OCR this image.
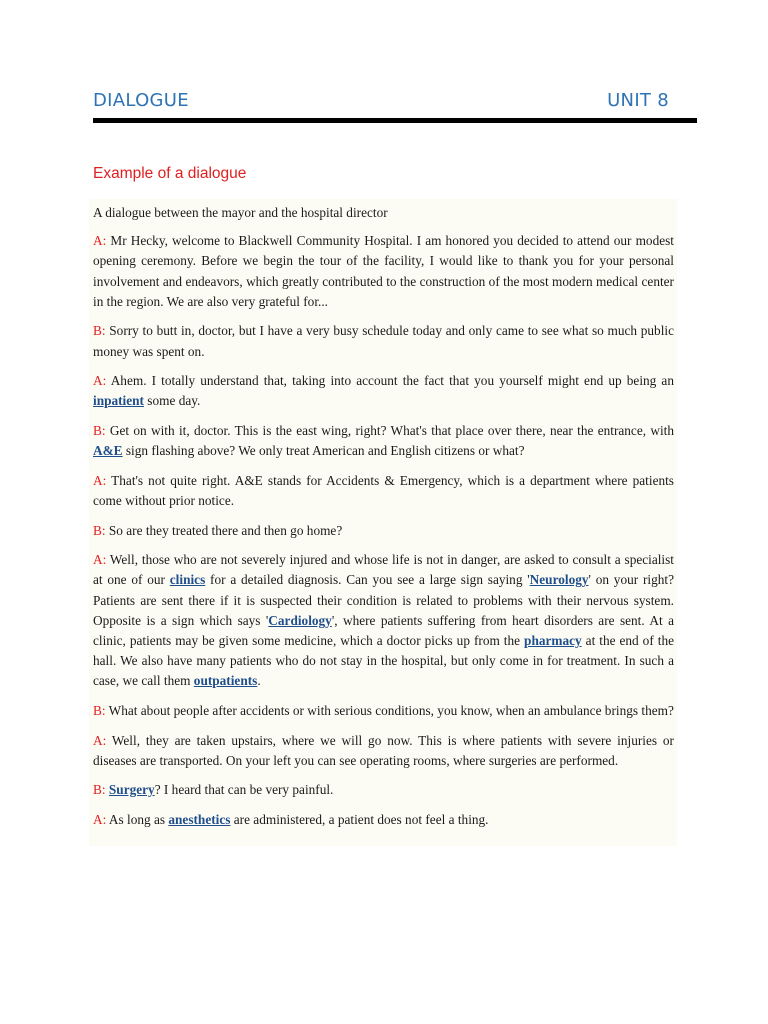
DIALOGUE	UNIT 8
Example of a dialogue

A dialogue between the mayor and the hospital director

A: Mr Hecky, welcome to Blackwell Community Hospital. I am honored you decided to attend our modest opening ceremony. Before we begin the tour of the facility, I would like to thank you for your personal involvement and endeavors, which greatly contributed to the construction of the most modern medical center in the region. We are also very grateful for...

B: Sorry to butt in, doctor, but I have a very busy schedule today and only came to see what so much public money was spent on.

A: Ahem. I totally understand that, taking into account the fact that you yourself might end up being an inpatient some day.

B: Get on with it, doctor. This is the east wing, right? What's that place over there, near the entrance, with A&E sign flashing above? We only treat American and English citizens or what?

A: That's not quite right. A&E stands for Accidents & Emergency, which is a department where patients come without prior notice.

B: So are they treated there and then go home?

A: Well, those who are not severely injured and whose life is not in danger, are asked to consult a specialist at one of our clinics for a detailed diagnosis. Can you see a large sign saying 'Neurology' on your right? Patients are sent there if it is suspected their condition is related to problems with their nervous system. Opposite is a sign which says 'Cardiology', where patients suffering from heart disorders are sent. At a clinic, patients may be given some medicine, which a doctor picks up from the pharmacy at the end of the hall. We also have many patients who do not stay in the hospital, but only come in for treatment. In such a case, we call them outpatients.

B: What about people after accidents or with serious conditions, you know, when an ambulance brings them?

A: Well, they are taken upstairs, where we will go now. This is where patients with severe injuries or diseases are transported. On your left you can see operating rooms, where surgeries are performed.

B: Surgery? I heard that can be very painful.

A: As long as anesthetics are administered, a patient does not feel a thing.
